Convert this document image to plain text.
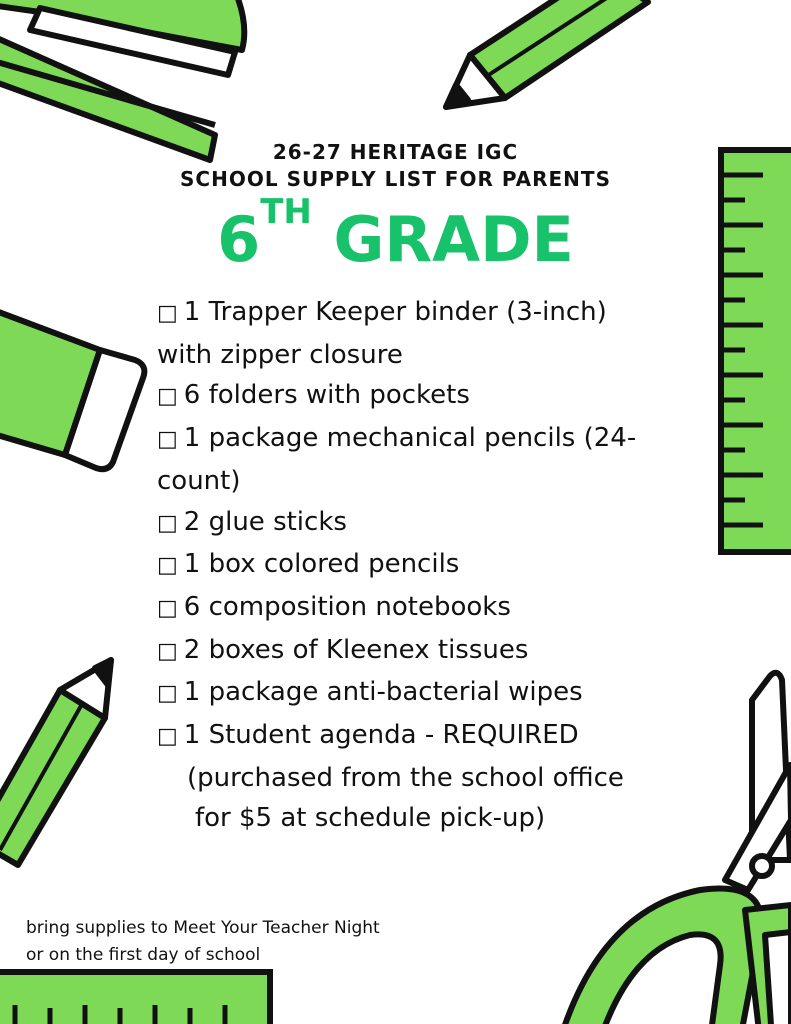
26-27 HERITAGE IGC
SCHOOL SUPPLY LIST FOR PARENTS
6TH GRADE
□ 1 Trapper Keeper binder (3-inch)
with zipper closure
□ 6 folders with pockets
□ 1 package mechanical pencils (24-
count)
□ 2 glue sticks
□ 1 box colored pencils
□ 6 composition notebooks
□ 2 boxes of Kleenex tissues
□ 1 package anti-bacterial wipes
□ 1 Student agenda - REQUIRED
(purchased from the school office
for $5 at schedule pick-up)
bring supplies to Meet Your Teacher Night
or on the first day of school
